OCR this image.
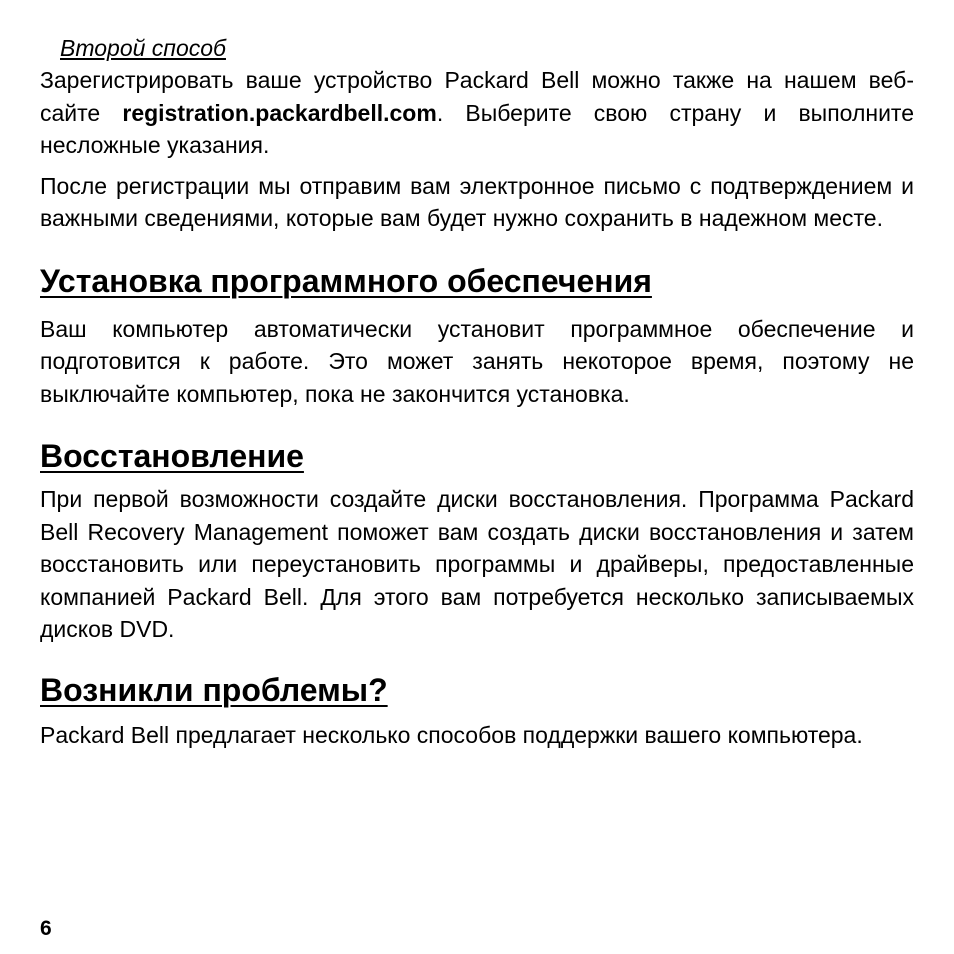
Второй способ

Зарегистрировать ваше устройство Packard Bell можно также на нашем веб-сайте registration.packardbell.com. Выберите свою страну и выполните несложные указания.

После регистрации мы отправим вам электронное письмо с подтверждением и важными сведениями, которые вам будет нужно сохранить в надежном месте.

Установка программного обеспечения

Ваш компьютер автоматически установит программное обеспечение и подготовится к работе. Это может занять некоторое время, поэтому не выключайте компьютер, пока не закончится установка.

Восстановление

При первой возможности создайте диски восстановления. Программа Packard Bell Recovery Management поможет вам создать диски восстановления и затем восстановить или переустановить программы и драйверы, предоставленные компанией Packard Bell. Для этого вам потребуется несколько записываемых дисков DVD.

Возникли проблемы?

Packard Bell предлагает несколько способов поддержки вашего компьютера.

6
